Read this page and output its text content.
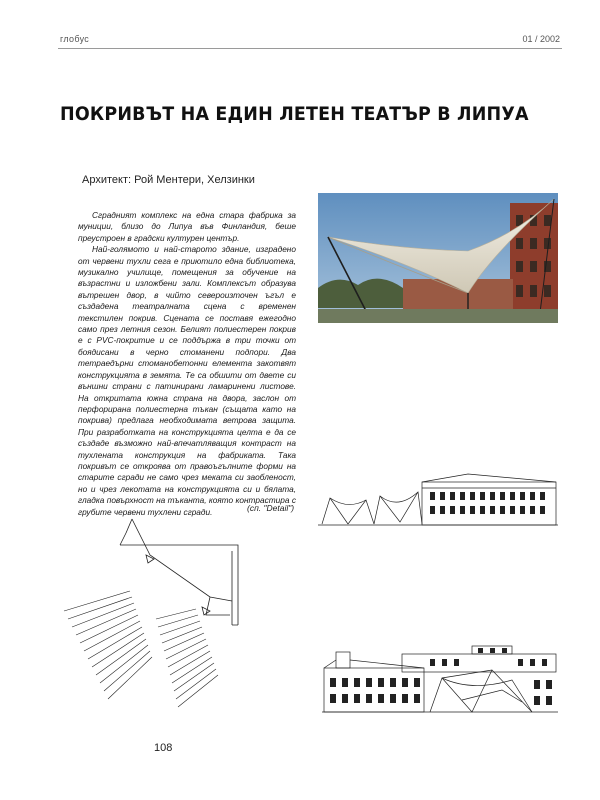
глобус	01 / 2002
ПОКРИВЪТ НА ЕДИН ЛЕТЕН ТЕАТЪР В ЛИПУА
Архитект: Рой Ментери, Хелзинки

Сградният комплекс на една стара фабрика за муниции, близо до Липуа във Финландия, беше преустроен в градски културен център.

Най-голямото и най-старото здание, изградено от червени тухли сега е приютило една библиотека, музикално училище, помещения за обучение на възрастни и изложбени зали. Комплексът образува вътрешен двор, в чийто североизточен ъгъл е създадена театралната сцена с временен текстилен покрив. Сцената се поставя ежегодно само през летния сезон. Белият полиестерен покрив е с PVC-покритие и се поддържа в три точки от боядисани в черно стоманени подпори. Два тетраедърни стоманобетонни елемента закотвят конструкцията в земята. Те са обшити от двете си външни страни с патинирани ламаринени листове. На откритата южна страна на двора, заслон от перфорирана полиестерна тъкан (същата като на покрива) предлага необходимата ветрова защита. При разработката на конструкцията целта е да се създаде възможно най-впечатляващия контраст на тухлената конструкция на фабриката. Така покривът се откроява от правоъгълните форми на старите сгради не само чрез меката си заобленост, но и чрез лекотата на конструкцията си и бялата, гладка повърхност на тъканта, която контрастира с грубите червени тухлени сгради.	(сп. "Detail")
108
